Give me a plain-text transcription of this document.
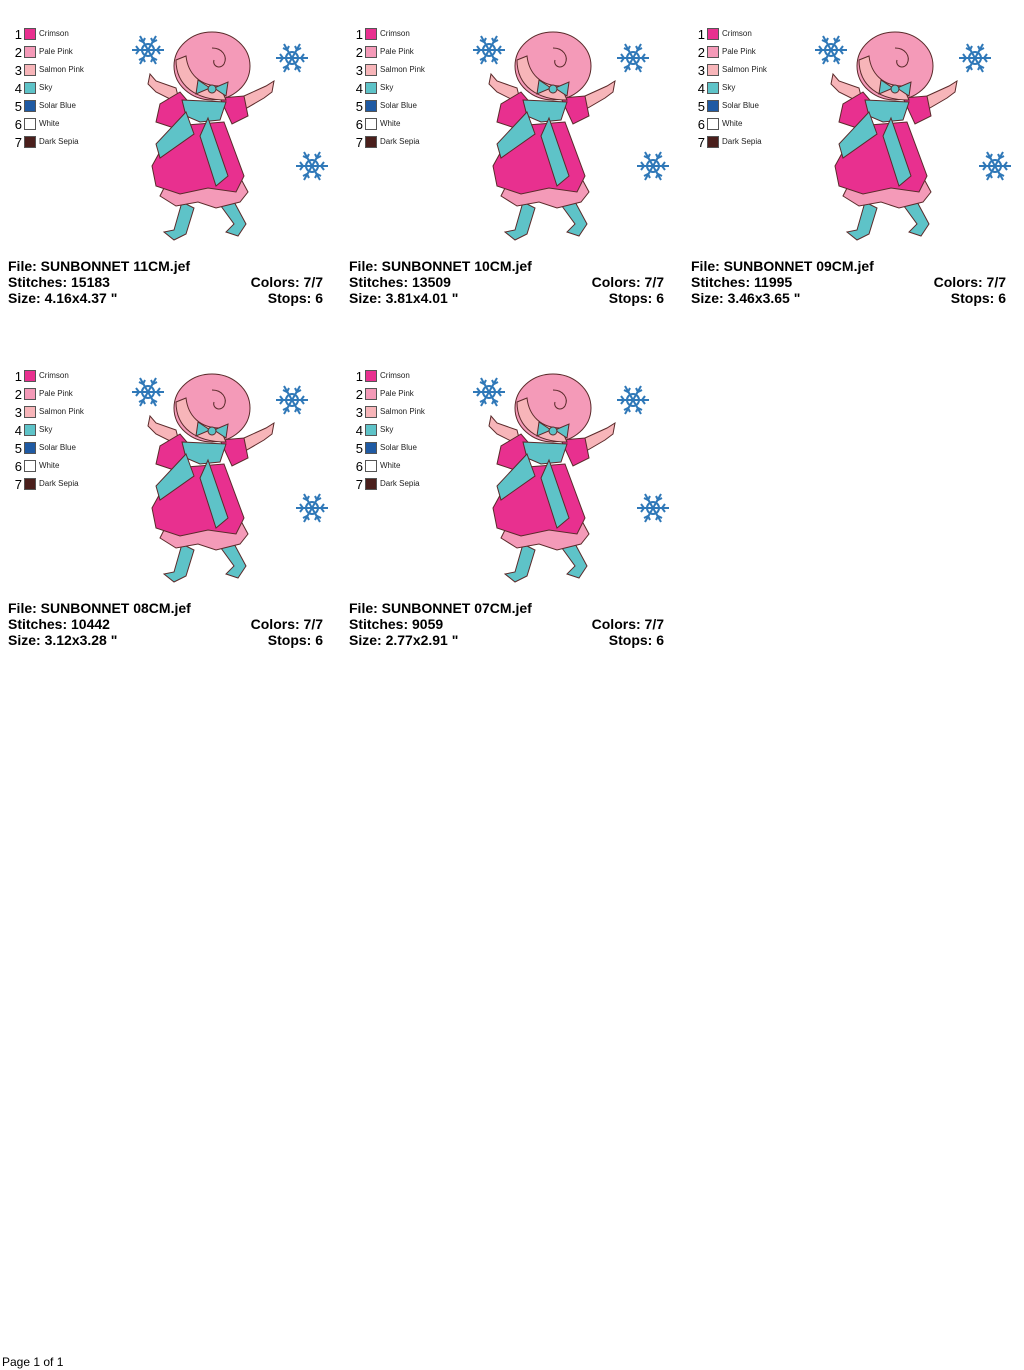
1 Crimson
2 Pale Pink
3 Salmon Pink
4 Sky
5 Solar Blue
6 White
7 Dark Sepia
File: SUNBONNET 11CM.jef
Stitches: 15183	Colors: 7/7
Size: 4.16x4.37 "	Stops: 6
1 Crimson
2 Pale Pink
3 Salmon Pink
4 Sky
5 Solar Blue
6 White
7 Dark Sepia
File: SUNBONNET 10CM.jef
Stitches: 13509	Colors: 7/7
Size: 3.81x4.01 "	Stops: 6
1 Crimson
2 Pale Pink
3 Salmon Pink
4 Sky
5 Solar Blue
6 White
7 Dark Sepia
File: SUNBONNET 09CM.jef
Stitches: 11995	Colors: 7/7
Size: 3.46x3.65 "	Stops: 6
1 Crimson
2 Pale Pink
3 Salmon Pink
4 Sky
5 Solar Blue
6 White
7 Dark Sepia
File: SUNBONNET 08CM.jef
Stitches: 10442	Colors: 7/7
Size: 3.12x3.28 "	Stops: 6
1 Crimson
2 Pale Pink
3 Salmon Pink
4 Sky
5 Solar Blue
6 White
7 Dark Sepia
File: SUNBONNET 07CM.jef
Stitches: 9059	Colors: 7/7
Size: 2.77x2.91 "	Stops: 6
Page 1 of 1
